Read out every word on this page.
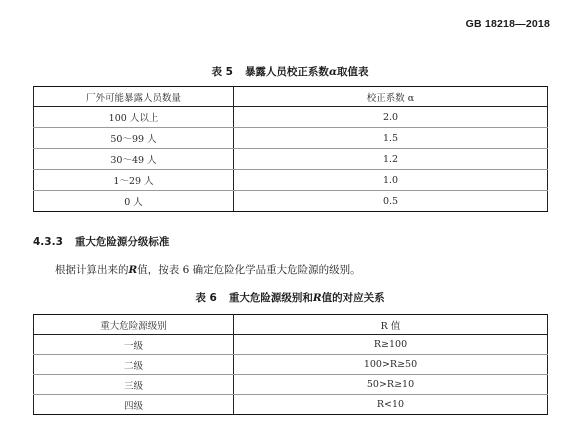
GB 18218—2018
表 5 暴露人员校正系数α取值表
厂外可能暴露人员数量	校正系数 α
100 人以上	2.0
50～99 人	1.5
30～49 人	1.2
1～29 人	1.0
0 人	0.5
4.3.3 重大危险源分级标准
根据计算出来的R值，按表 6 确定危险化学品重大危险源的级别。
表 6 重大危险源级别和R值的对应关系
重大危险源级别	R 值
一级	R≥100
二级	100>R≥50
三级	50>R≥10
四级	R<10
